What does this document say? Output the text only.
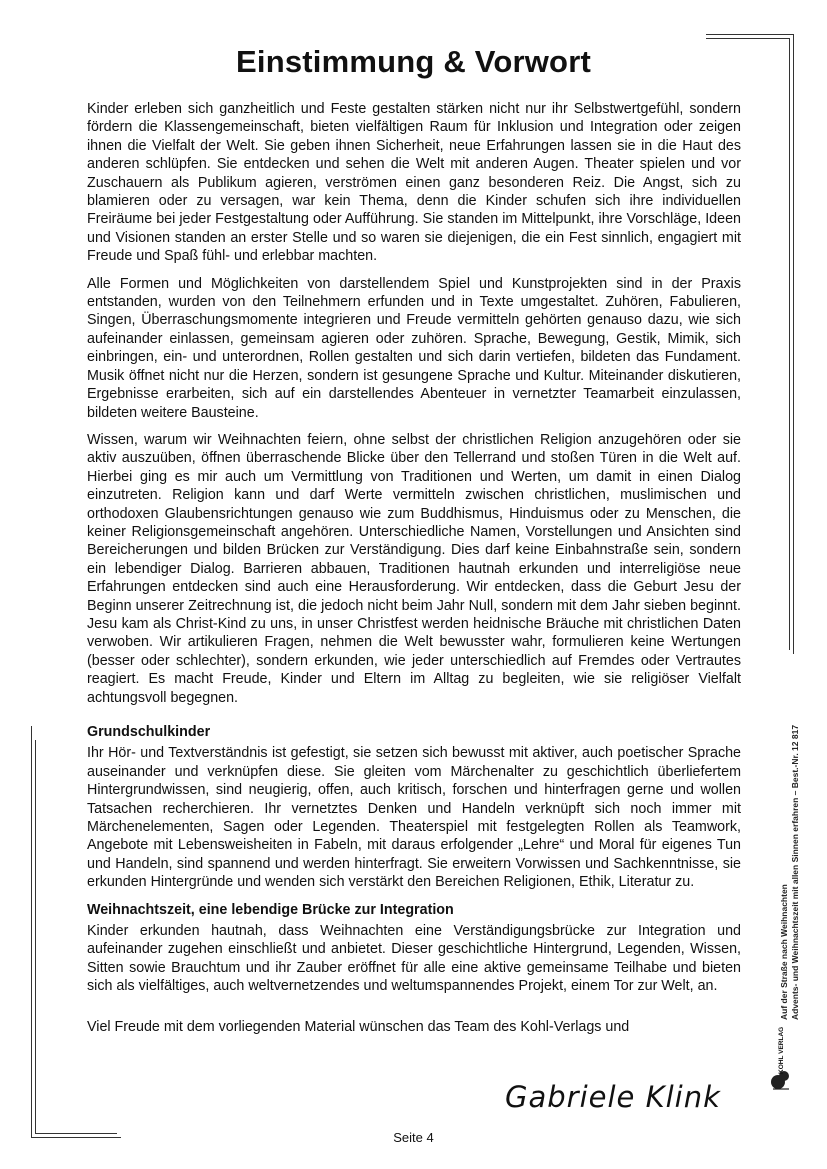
Einstimmung & Vorwort

Kinder erleben sich ganzheitlich und Feste gestalten stärken nicht nur ihr Selbstwertgefühl, sondern fördern die Klassengemeinschaft, bieten vielfältigen Raum für Inklusion und Integration oder zeigen ihnen die Vielfalt der Welt. Sie geben ihnen Sicherheit, neue Erfahrungen lassen sie in die Haut des anderen schlüpfen. Sie entdecken und sehen die Welt mit anderen Augen. Theater spielen und vor Zuschauern als Publikum agieren, verströmen einen ganz besonderen Reiz. Die Angst, sich zu blamieren oder zu versagen, war kein Thema, denn die Kinder schufen sich ihre individuellen Freiräume bei jeder Festgestaltung oder Aufführung. Sie standen im Mittelpunkt, ihre Vorschläge, Ideen und Visionen standen an erster Stelle und so waren sie diejenigen, die ein Fest sinnlich, engagiert mit Freude und Spaß fühl- und erlebbar machten.

Alle Formen und Möglichkeiten von darstellendem Spiel und Kunstprojekten sind in der Praxis entstanden, wurden von den Teilnehmern erfunden und in Texte umgestaltet. Zuhören, Fabulieren, Singen, Überraschungsmomente integrieren und Freude vermitteln gehörten genauso dazu, wie sich aufeinander einlassen, gemeinsam agieren oder zuhören. Sprache, Bewegung, Gestik, Mimik, sich einbringen, ein- und unterordnen, Rollen gestalten und sich darin vertiefen, bildeten das Fundament. Musik öffnet nicht nur die Herzen, sondern ist gesungene Sprache und Kultur. Miteinander diskutieren, Ergebnisse erarbeiten, sich auf ein darstellendes Abenteuer in vernetzter Teamarbeit einzulassen, bildeten weitere Bausteine.

Wissen, warum wir Weihnachten feiern, ohne selbst der christlichen Religion anzugehören oder sie aktiv auszuüben, öffnen überraschende Blicke über den Tellerrand und stoßen Türen in die Welt auf. Hierbei ging es mir auch um Vermittlung von Traditionen und Werten, um damit in einen Dialog einzutreten. Religion kann und darf Werte vermitteln zwischen christlichen, muslimischen und orthodoxen Glaubensrichtungen genauso wie zum Buddhismus, Hinduismus oder zu Menschen, die keiner Religionsgemeinschaft angehören. Unterschiedliche Namen, Vorstellungen und Ansichten sind Bereicherungen und bilden Brücken zur Verständigung. Dies darf keine Einbahnstraße sein, sondern ein lebendiger Dialog. Barrieren abbauen, Traditionen hautnah erkunden und interreligiöse neue Erfahrungen entdecken sind auch eine Herausforderung. Wir entdecken, dass die Geburt Jesu der Beginn unserer Zeitrechnung ist, die jedoch nicht beim Jahr Null, sondern mit dem Jahr sieben beginnt. Jesu kam als Christ-Kind zu uns, in unser Christfest werden heidnische Bräuche mit christlichen Daten verwoben. Wir artikulieren Fragen, nehmen die Welt bewusster wahr, formulieren keine Wertungen (besser oder schlechter), sondern erkunden, wie jeder unterschiedlich auf Fremdes oder Vertrautes reagiert. Es macht Freude, Kinder und Eltern im Alltag zu begleiten, wie sie religiöser Vielfalt achtungsvoll begegnen.

Grundschulkinder

Ihr Hör- und Textverständnis ist gefestigt, sie setzen sich bewusst mit aktiver, auch poetischer Sprache auseinander und verknüpfen diese. Sie gleiten vom Märchenalter zu geschichtlich überliefertem Hintergrundwissen, sind neugierig, offen, auch kritisch, forschen und hinterfragen gerne und wollen Tatsachen recherchieren. Ihr vernetztes Denken und Handeln verknüpft sich noch immer mit Märchenelementen, Sagen oder Legenden. Theaterspiel mit festgelegten Rollen als Teamwork, Angebote mit Lebensweisheiten in Fabeln, mit daraus erfolgender „Lehre“ und Moral für eigenes Tun und Handeln, sind spannend und werden hinterfragt. Sie erweitern Vorwissen und Sachkenntnisse, sie erkunden Hintergründe und wenden sich verstärkt den Bereichen Religionen, Ethik, Literatur zu.

Weihnachtszeit, eine lebendige Brücke zur Integration

Kinder erkunden hautnah, dass Weihnachten eine Verständigungsbrücke zur Integration und aufeinander zugehen einschließt und anbietet. Dieser geschichtliche Hintergrund, Legenden, Wissen, Sitten sowie Brauchtum und ihr Zauber eröffnet für alle eine aktive gemeinsame Teilhabe und bieten sich als vielfältiges, auch weltvernetzendes und weltumspannendes Projekt, einem Tor zur Welt, an.

Viel Freude mit dem vorliegenden Material wünschen das Team des Kohl-Verlags und

Gabriele Klink
Seite 4
Auf der Straße nach Weihnachten Advents- und Weihnachtszeit mit allen Sinnen erfahren – Best.-Nr. 12 817
KOHL VERLAG
